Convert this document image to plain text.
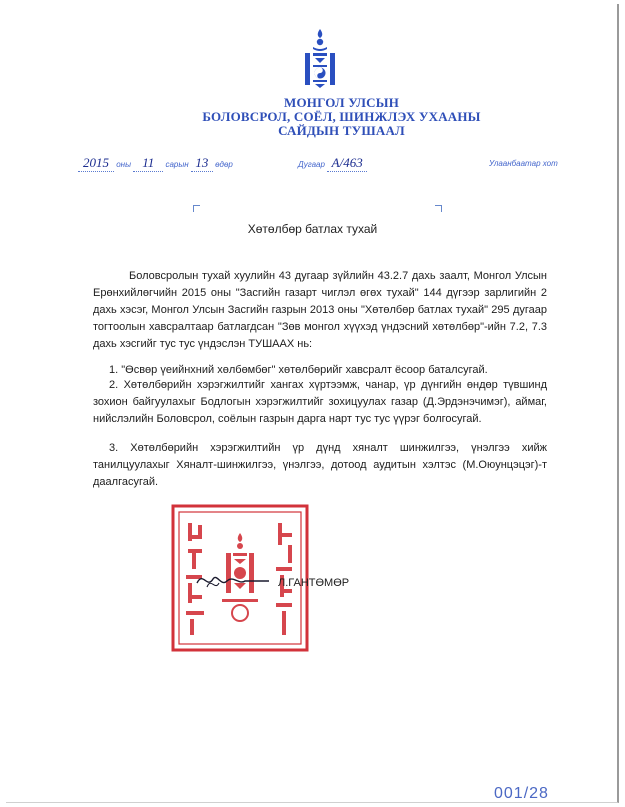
МОНГОЛ УЛСЫН
БОЛОВСРОЛ, СОЁЛ, ШИНЖЛЭХ УХААНЫ
САЙДЫН ТУШААЛ
2015 оны 11 сарын 13 өдөр	Дугаар А/463	Улаанбаатар хот
Хөтөлбөр батлах тухай
Боловсролын тухай хуулийн 43 дугаар зүйлийн 43.2.7 дахь заалт, Монгол Улсын Ерөнхийлөгчийн 2015 оны "Засгийн газарт чиглэл өгөх тухай" 144 дүгээр зарлигийн 2 дахь хэсэг, Монгол Улсын Засгийн газрын 2013 оны "Хөтөлбөр батлах тухай" 295 дугаар тогтоолын хавсралтаар батлагдсан "Зөв монгол хүүхэд үндэсний хөтөлбөр"-ийн 7.2, 7.3 дахь хэсгийг тус тус үндэслэн ТУШААХ нь:
1. "Өсвөр үеийнхний хөлбөмбөг" хөтөлбөрийг хавсралт ёсоор баталсугай.
2. Хөтөлбөрийн хэрэгжилтийг хангах хүртээмж, чанар, үр дүнгийн өндөр түвшинд зохион байгуулахыг Бодлогын хэрэгжилтийг зохицуулах газар (Д.Эрдэнэчимэг), аймаг, нийслэлийн Боловсрол, соёлын газрын дарга нарт тус тус үүрэг болгосугай.
3. Хөтөлбөрийн хэрэгжилтийн үр дүнд хяналт шинжилгээ, үнэлгээ хийж танилцуулахыг Хяналт-шинжилгээ, үнэлгээ, дотоод аудитын хэлтэс (М.Оюунцэцэг)-т даалгасугай.
Л.ГАНТӨМӨР
001/28
